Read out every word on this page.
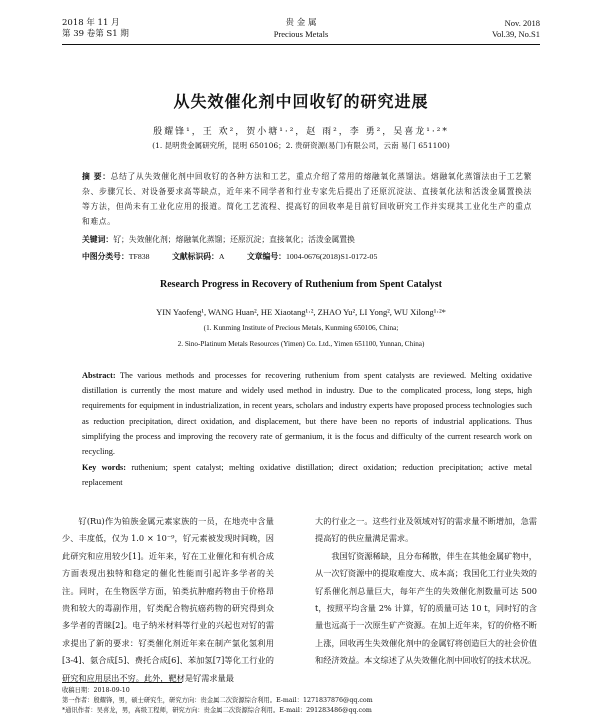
2018 年 11 月
第 39 卷第 S1 期
贵 金 属
Precious Metals
Nov. 2018
Vol.39, No.S1
从失效催化剂中回收钌的研究进展
殷耀锋¹，王 欢²，贺小塘¹·²，赵 雨²，李 勇²，吴喜龙¹·²*
(1. 昆明贵金属研究所，昆明 650106；2. 贵研资源(易门)有限公司，云南 易门 651100)
摘 要：总结了从失效催化剂中回收钌的各种方法和工艺，重点介绍了常用的熔融氧化蒸馏法。熔融氧化蒸馏法由于工艺繁杂、步骤冗长、对设备要求高等缺点，近年来不同学者和行业专家先后提出了还原沉淀法、直接氧化法和活泼金属置换法等方法，但尚未有工业化应用的报道。简化工艺流程、提高钌的回收率是目前钌回收研究工作并实现其工业化生产的重点和难点。
关键词：钌；失效催化剂；熔融氧化蒸馏；还原沉淀；直接氧化；活泼金属置换
中图分类号：TF838	文献标识码：A	文章编号：1004-0676(2018)S1-0172-05
Research Progress in Recovery of Ruthenium from Spent Catalyst
YIN Yaofeng¹, WANG Huan², HE Xiaotang¹·², ZHAO Yu², LI Yong², WU Xilong¹·²*
(1. Kunming Institute of Precious Metals, Kunming 650106, China;
2. Sino-Platinum Metals Resources (Yimen) Co. Ltd., Yimen 651100, Yunnan, China)
Abstract: The various methods and processes for recovering ruthenium from spent catalysts are reviewed. Melting oxidative distillation is currently the most mature and widely used method in industry. Due to the complicated process, long steps, high requirements for equipment in industrialization, in recent years, scholars and industry experts have proposed process technologies such as reduction precipitation, direct oxidation, and displacement, but there have been no reports of industrial applications. Thus simplifying the process and improving the recovery rate of germanium, it is the focus and difficulty of the current research work on recycling.
Key words: ruthenium; spent catalyst; melting oxidative distillation; direct oxidation; reduction precipitation; active metal replacement

钌(Ru)作为铂族金属元素家族的一员，在地壳中含量少、丰度低，仅为 1.0 × 10⁻⁹，钌元素被发现时间晚，因此研究和应用较少[1]。近年来，钌在工业催化和有机合成方面表现出独特和稳定的催化性能而引起许多学者的关注。同时，在生物医学方面，铂类抗肿瘤药物由于价格昂贵和较大的毒副作用，钌类配合物抗癌药物的研究得到众多学者的青睐[2]。电子纳米材料等行业的兴起也对钌的需求提出了新的要求：钌类催化剂近年来在制产氯化氢利用[3-4]、氨合成[5]、费托合成[6]、苯加氢[7]等化工行业的研究和应用层出不穷。此外，靶材是钌需求量最

大的行业之一。这些行业及领域对钌的需求量不断增加，急需提高钌的供应量满足需求。

我国钌资源稀缺，且分布稀散，伴生在其他金属矿物中，从一次钌资源中的提取难度大、成本高；我国化工行业失效的钌系催化剂总量巨大，每年产生的失效催化剂数量可达 500 t，按照平均含量 2% 计算，钌的质量可达 10 t，同时钌的含量也远高于一次原生矿产资源。在加上近年来，钌的价格不断上涨，回收再生失效催化剂中的金属钌将创造巨大的社会价值和经济效益。本文综述了从失效催化剂中回收钌的技术状况。

收稿日期：2018-09-10
第一作者：殷耀锋，男，硕士研究生，研究方向：贵金属二次资源综合利用。E-mail：1271837876@qq.com
*通讯作者：吴喜龙，男，高级工程师，研究方向：贵金属二次资源综合利用。E-mail：291283486@qq.com
